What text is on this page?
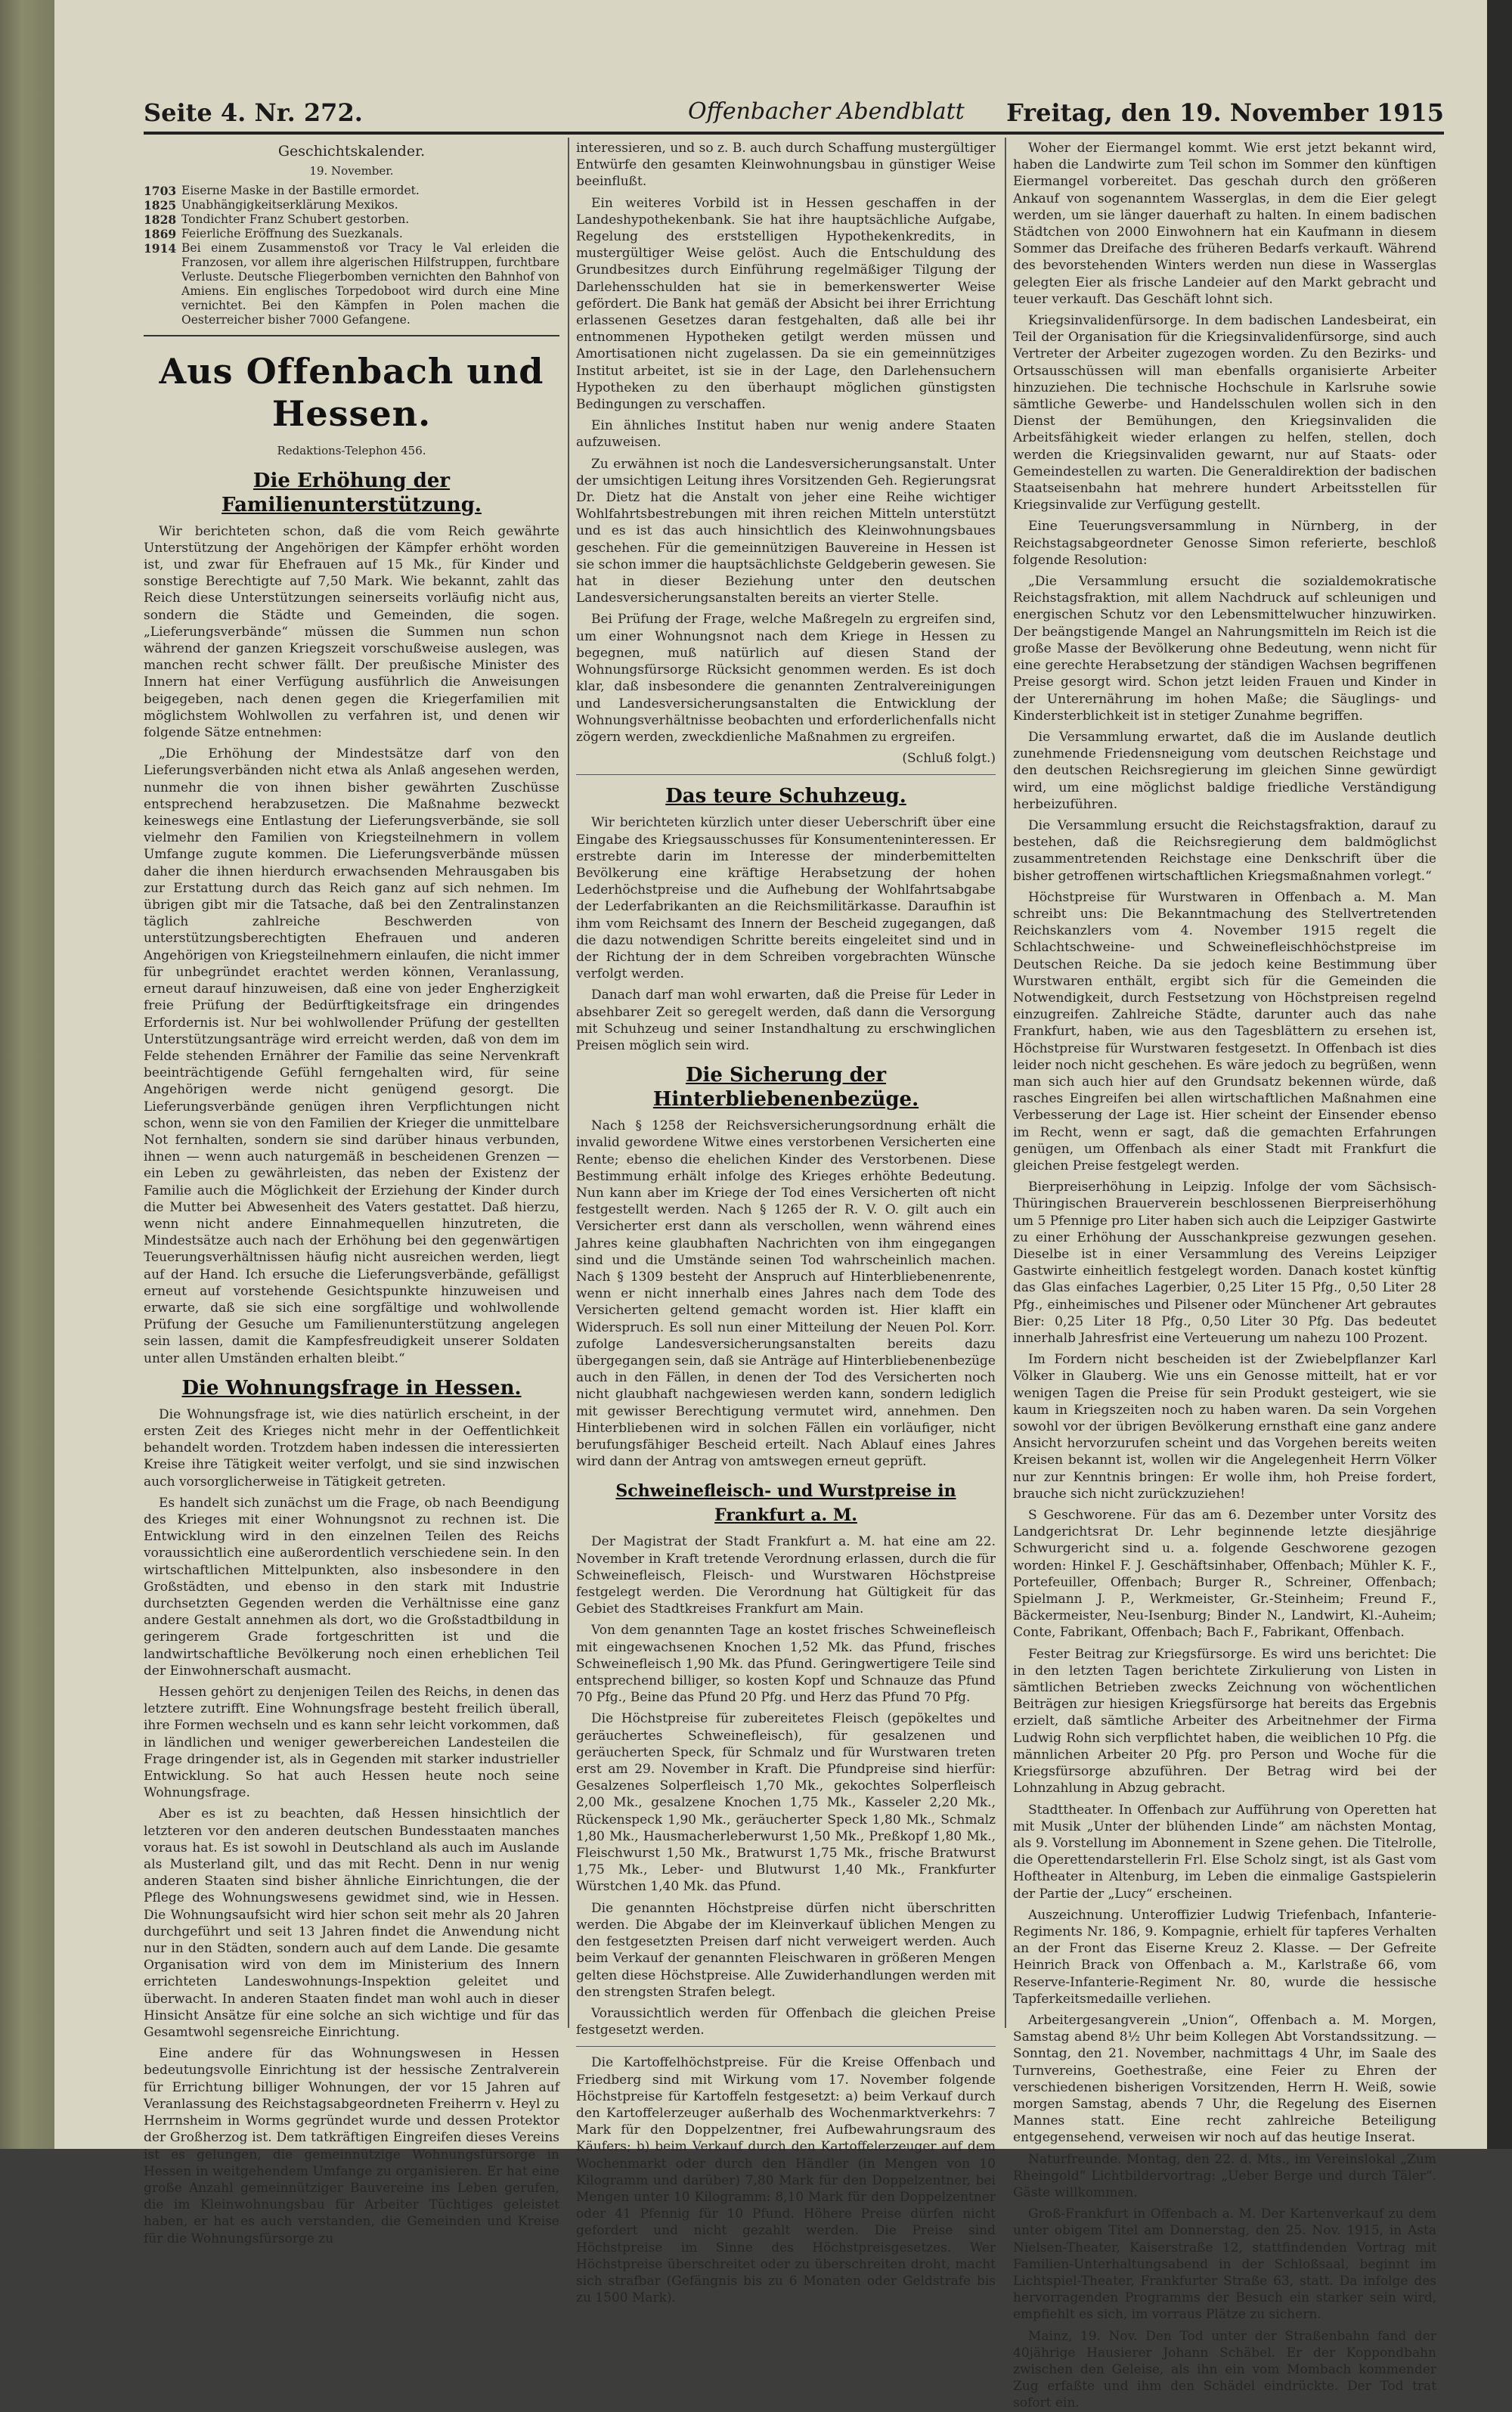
Seite 4. Nr. 272.	Offenbacher Abendblatt Freitag, den 19. November 1915
Geschichtskalender.
19. November.
1703 Eiserne Maske in der Bastille ermordet.
1825 Unabhängigkeitserklärung Mexikos.
1828 Tondichter Franz Schubert gestorben.
1869 Feierliche Eröffnung des Suezkanals.
1914 Bei einem Zusammenstoß vor Tracy le Val erleiden die Franzosen, vor allem ihre algerischen Hilfstruppen, furchtbare Verluste. Deutsche Fliegerbomben vernichten den Bahnhof von Amiens. Ein englisches Torpedoboot wird durch eine Mine vernichtet. Bei den Kämpfen in Polen machen die Oesterreicher bisher 7000 Gefangene.
Aus Offenbach und Hessen.
Redaktions-Telephon 456.
Die Erhöhung der Familienunterstützung.

Wir berichteten schon, daß die vom Reich gewährte Unterstützung der Angehörigen der Kämpfer erhöht worden ist, und zwar für Ehefrauen auf 15 Mk., für Kinder und sonstige Berechtigte auf 7,50 Mark. Wie bekannt, zahlt das Reich diese Unterstützungen seinerseits vorläufig nicht aus, sondern die Städte und Gemeinden, die sogen. „Lieferungsverbände“ müssen die Summen nun schon während der ganzen Kriegszeit vorschußweise auslegen, was manchen recht schwer fällt. Der preußische Minister des Innern hat einer Verfügung ausführlich die Anweisungen beigegeben, nach denen gegen die Kriegerfamilien mit möglichstem Wohlwollen zu verfahren ist, und denen wir folgende Sätze entnehmen:

„Die Erhöhung der Mindestsätze darf von den Lieferungsverbänden nicht etwa als Anlaß angesehen werden, nunmehr die von ihnen bisher gewährten Zuschüsse entsprechend herabzusetzen. Die Maßnahme bezweckt keineswegs eine Entlastung der Lieferungsverbände, sie soll vielmehr den Familien von Kriegsteilnehmern in vollem Umfange zugute kommen. Die Lieferungsverbände müssen daher die ihnen hierdurch erwachsenden Mehrausgaben bis zur Erstattung durch das Reich ganz auf sich nehmen. Im übrigen gibt mir die Tatsache, daß bei den Zentralinstanzen täglich zahlreiche Beschwerden von unterstützungsberechtigten Ehefrauen und anderen Angehörigen von Kriegsteilnehmern einlaufen, die nicht immer für unbegründet erachtet werden können, Veranlassung, erneut darauf hinzuweisen, daß eine von jeder Engherzigkeit freie Prüfung der Bedürftigkeitsfrage ein dringendes Erfordernis ist. Nur bei wohlwollender Prüfung der gestellten Unterstützungsanträge wird erreicht werden, daß von dem im Felde stehenden Ernährer der Familie das seine Nervenkraft beeinträchtigende Gefühl ferngehalten wird, für seine Angehörigen werde nicht genügend gesorgt. Die Lieferungsverbände genügen ihren Verpflichtungen nicht schon, wenn sie von den Familien der Krieger die unmittelbare Not fernhalten, sondern sie sind darüber hinaus verbunden, ihnen — wenn auch naturgemäß in bescheidenen Grenzen — ein Leben zu gewährleisten, das neben der Existenz der Familie auch die Möglichkeit der Erziehung der Kinder durch die Mutter bei Abwesenheit des Vaters gestattet. Daß hierzu, wenn nicht andere Einnahmequellen hinzutreten, die Mindestsätze auch nach der Erhöhung bei den gegenwärtigen Teuerungsverhältnissen häufig nicht ausreichen werden, liegt auf der Hand. Ich ersuche die Lieferungsverbände, gefälligst erneut auf vorstehende Gesichtspunkte hinzuweisen und erwarte, daß sie sich eine sorgfältige und wohlwollende Prüfung der Gesuche um Familienunterstützung angelegen sein lassen, damit die Kampfesfreudigkeit unserer Soldaten unter allen Umständen erhalten bleibt.“

Die Wohnungsfrage in Hessen.

Die Wohnungsfrage ist, wie dies natürlich erscheint, in der ersten Zeit des Krieges nicht mehr in der Oeffentlichkeit behandelt worden. Trotzdem haben indessen die interessierten Kreise ihre Tätigkeit weiter verfolgt, und sie sind inzwischen auch vorsorglicherweise in Tätigkeit getreten.

Es handelt sich zunächst um die Frage, ob nach Beendigung des Krieges mit einer Wohnungsnot zu rechnen ist. Die Entwicklung wird in den einzelnen Teilen des Reichs voraussichtlich eine außerordentlich verschiedene sein. In den wirtschaftlichen Mittelpunkten, also insbesondere in den Großstädten, und ebenso in den stark mit Industrie durchsetzten Gegenden werden die Verhältnisse eine ganz andere Gestalt annehmen als dort, wo die Großstadtbildung in geringerem Grade fortgeschritten ist und die landwirtschaftliche Bevölkerung noch einen erheblichen Teil der Einwohnerschaft ausmacht.

Hessen gehört zu denjenigen Teilen des Reichs, in denen das letztere zutrifft. Eine Wohnungsfrage besteht freilich überall, ihre Formen wechseln und es kann sehr leicht vorkommen, daß in ländlichen und weniger gewerbereichen Landesteilen die Frage dringender ist, als in Gegenden mit starker industrieller Entwicklung. So hat auch Hessen heute noch seine Wohnungsfrage.

Aber es ist zu beachten, daß Hessen hinsichtlich der letzteren vor den anderen deutschen Bundesstaaten manches voraus hat. Es ist sowohl in Deutschland als auch im Auslande als Musterland gilt, und das mit Recht. Denn in nur wenig anderen Staaten sind bisher ähnliche Einrichtungen, die der Pflege des Wohnungswesens gewidmet sind, wie in Hessen. Die Wohnungsaufsicht wird hier schon seit mehr als 20 Jahren durchgeführt und seit 13 Jahren findet die Anwendung nicht nur in den Städten, sondern auch auf dem Lande. Die gesamte Organisation wird von dem im Ministerium des Innern errichteten Landeswohnungs-Inspektion geleitet und überwacht. In anderen Staaten findet man wohl auch in dieser Hinsicht Ansätze für eine solche an sich wichtige und für das Gesamtwohl segensreiche Einrichtung.

Eine andere für das Wohnungswesen in Hessen bedeutungsvolle Einrichtung ist der hessische Zentralverein für Errichtung billiger Wohnungen, der vor 15 Jahren auf Veranlassung des Reichstagsabgeordneten Freiherrn v. Heyl zu Herrnsheim in Worms gegründet wurde und dessen Protektor der Großherzog ist. Dem tatkräftigen Eingreifen dieses Vereins ist es gelungen, die gemeinnützige Wohnungsfürsorge in Hessen in weitgehendem Umfange zu organisieren. Er hat eine große Anzahl gemeinnütziger Bauvereine ins Leben gerufen, die im Kleinwohnungsbau für Arbeiter Tüchtiges geleistet haben, er hat es auch verstanden, die Gemeinden und Kreise für die Wohnungsfürsorge zu

interessieren, und so z. B. auch durch Schaffung mustergültiger Entwürfe den gesamten Kleinwohnungsbau in günstiger Weise beeinflußt.

Ein weiteres Vorbild ist in Hessen geschaffen in der Landeshypothekenbank. Sie hat ihre hauptsächliche Aufgabe, Regelung des erststelligen Hypothekenkredits, in mustergültiger Weise gelöst. Auch die Entschuldung des Grundbesitzes durch Einführung regelmäßiger Tilgung der Darlehensschulden hat sie in bemerkenswerter Weise gefördert. Die Bank hat gemäß der Absicht bei ihrer Errichtung erlassenen Gesetzes daran festgehalten, daß alle bei ihr entnommenen Hypotheken getilgt werden müssen und Amortisationen nicht zugelassen. Da sie ein gemeinnütziges Institut arbeitet, ist sie in der Lage, den Darlehensuchern Hypotheken zu den überhaupt möglichen günstigsten Bedingungen zu verschaffen.

Ein ähnliches Institut haben nur wenig andere Staaten aufzuweisen.

Zu erwähnen ist noch die Landesversicherungsanstalt. Unter der umsichtigen Leitung ihres Vorsitzenden Geh. Regierungsrat Dr. Dietz hat die Anstalt von jeher eine Reihe wichtiger Wohlfahrtsbestrebungen mit ihren reichen Mitteln unterstützt und es ist das auch hinsichtlich des Kleinwohnungsbaues geschehen. Für die gemeinnützigen Bauvereine in Hessen ist sie schon immer die hauptsächlichste Geldgeberin gewesen. Sie hat in dieser Beziehung unter den deutschen Landesversicherungsanstalten bereits an vierter Stelle.

Bei Prüfung der Frage, welche Maßregeln zu ergreifen sind, um einer Wohnungsnot nach dem Kriege in Hessen zu begegnen, muß natürlich auf diesen Stand der Wohnungsfürsorge Rücksicht genommen werden. Es ist doch klar, daß insbesondere die genannten Zentralvereinigungen und Landesversicherungsanstalten die Entwicklung der Wohnungsverhältnisse beobachten und erforderlichenfalls nicht zögern werden, zweckdienliche Maßnahmen zu ergreifen.

(Schluß folgt.)
Das teure Schuhzeug.

Wir berichteten kürzlich unter dieser Ueberschrift über eine Eingabe des Kriegsausschusses für Konsumenteninteressen. Er erstrebte darin im Interesse der minderbemittelten Bevölkerung eine kräftige Herabsetzung der hohen Lederhöchstpreise und die Aufhebung der Wohlfahrtsabgabe der Lederfabrikanten an die Reichsmilitärkasse. Daraufhin ist ihm vom Reichsamt des Innern der Bescheid zugegangen, daß die dazu notwendigen Schritte bereits eingeleitet sind und in der Richtung der in dem Schreiben vorgebrachten Wünsche verfolgt werden.

Danach darf man wohl erwarten, daß die Preise für Leder in absehbarer Zeit so geregelt werden, daß dann die Versorgung mit Schuhzeug und seiner Instandhaltung zu erschwinglichen Preisen möglich sein wird.

Die Sicherung der Hinterbliebenenbezüge.

Nach § 1258 der Reichsversicherungsordnung erhält die invalid gewordene Witwe eines verstorbenen Versicherten eine Rente; ebenso die ehelichen Kinder des Verstorbenen. Diese Bestimmung erhält infolge des Krieges erhöhte Bedeutung. Nun kann aber im Kriege der Tod eines Versicherten oft nicht festgestellt werden. Nach § 1265 der R. V. O. gilt auch ein Versicherter erst dann als verschollen, wenn während eines Jahres keine glaubhaften Nachrichten von ihm eingegangen sind und die Umstände seinen Tod wahrscheinlich machen. Nach § 1309 besteht der Anspruch auf Hinterbliebenenrente, wenn er nicht innerhalb eines Jahres nach dem Tode des Versicherten geltend gemacht worden ist. Hier klafft ein Widerspruch. Es soll nun einer Mitteilung der Neuen Pol. Korr. zufolge Landesversicherungsanstalten bereits dazu übergegangen sein, daß sie Anträge auf Hinterbliebenenbezüge auch in den Fällen, in denen der Tod des Versicherten noch nicht glaubhaft nachgewiesen werden kann, sondern lediglich mit gewisser Berechtigung vermutet wird, annehmen. Den Hinterbliebenen wird in solchen Fällen ein vorläufiger, nicht berufungsfähiger Bescheid erteilt. Nach Ablauf eines Jahres wird dann der Antrag von amtswegen erneut geprüft.

Schweinefleisch- und Wurstpreise in Frankfurt a. M.

Der Magistrat der Stadt Frankfurt a. M. hat eine am 22. November in Kraft tretende Verordnung erlassen, durch die für Schweinefleisch, Fleisch- und Wurstwaren Höchstpreise festgelegt werden. Die Verordnung hat Gültigkeit für das Gebiet des Stadtkreises Frankfurt am Main.

Von dem genannten Tage an kostet frisches Schweinefleisch mit eingewachsenen Knochen 1,52 Mk. das Pfund, frisches Schweinefleisch 1,90 Mk. das Pfund. Geringwertigere Teile sind entsprechend billiger, so kosten Kopf und Schnauze das Pfund 70 Pfg., Beine das Pfund 20 Pfg. und Herz das Pfund 70 Pfg.

Die Höchstpreise für zubereitetes Fleisch (gepökeltes und geräuchertes Schweinefleisch), für gesalzenen und geräucherten Speck, für Schmalz und für Wurstwaren treten erst am 29. November in Kraft. Die Pfundpreise sind hierfür: Gesalzenes Solperfleisch 1,70 Mk., gekochtes Solperfleisch 2,00 Mk., gesalzene Knochen 1,75 Mk., Kasseler 2,20 Mk., Rückenspeck 1,90 Mk., geräucherter Speck 1,80 Mk., Schmalz 1,80 Mk., Hausmacherleberwurst 1,50 Mk., Preßkopf 1,80 Mk., Fleischwurst 1,50 Mk., Bratwurst 1,75 Mk., frische Bratwurst 1,75 Mk., Leber- und Blutwurst 1,40 Mk., Frankfurter Würstchen 1,40 Mk. das Pfund.

Die genannten Höchstpreise dürfen nicht überschritten werden. Die Abgabe der im Kleinverkauf üblichen Mengen zu den festgesetzten Preisen darf nicht verweigert werden. Auch beim Verkauf der genannten Fleischwaren in größeren Mengen gelten diese Höchstpreise. Alle Zuwiderhandlungen werden mit den strengsten Strafen belegt.

Voraussichtlich werden für Offenbach die gleichen Preise festgesetzt werden.

Die Kartoffelhöchstpreise. Für die Kreise Offenbach und Friedberg sind mit Wirkung vom 17. November folgende Höchstpreise für Kartoffeln festgesetzt: a) beim Verkauf durch den Kartoffelerzeuger außerhalb des Wochenmarktverkehrs: 7 Mark für den Doppelzentner, frei Aufbewahrungsraum des Käufers; b) beim Verkauf durch den Kartoffelerzeuger auf dem Wochenmarkt oder durch den Händler (in Mengen von 10 Kilogramm und darüber) 7,80 Mark für den Doppelzentner, bei Mengen unter 10 Kilogramm: 8,10 Mark für den Doppelzentner oder 41 Pfennig für 10 Pfund. Höhere Preise dürfen nicht gefordert und nicht gezahlt werden. Die Preise sind Höchstpreise im Sinne des Höchstpreisgesetzes. Wer Höchstpreise überschreitet oder zu überschreiten droht, macht sich strafbar (Gefängnis bis zu 6 Monaten oder Geldstrafe bis zu 1500 Mark).

Woher der Eiermangel kommt. Wie erst jetzt bekannt wird, haben die Landwirte zum Teil schon im Sommer den künftigen Eiermangel vorbereitet. Das geschah durch den größeren Ankauf von sogenanntem Wasserglas, in dem die Eier gelegt werden, um sie länger dauerhaft zu halten. In einem badischen Städtchen von 2000 Einwohnern hat ein Kaufmann in diesem Sommer das Dreifache des früheren Bedarfs verkauft. Während des bevorstehenden Winters werden nun diese in Wasserglas gelegten Eier als frische Landeier auf den Markt gebracht und teuer verkauft. Das Geschäft lohnt sich.

Kriegsinvalidenfürsorge. In dem badischen Landesbeirat, ein Teil der Organisation für die Kriegsinvalidenfürsorge, sind auch Vertreter der Arbeiter zugezogen worden. Zu den Bezirks- und Ortsausschüssen will man ebenfalls organisierte Arbeiter hinzuziehen. Die technische Hochschule in Karlsruhe sowie sämtliche Gewerbe- und Handelsschulen wollen sich in den Dienst der Bemühungen, den Kriegsinvaliden die Arbeitsfähigkeit wieder erlangen zu helfen, stellen, doch werden die Kriegsinvaliden gewarnt, nur auf Staats- oder Gemeindestellen zu warten. Die Generaldirektion der badischen Staatseisenbahn hat mehrere hundert Arbeitsstellen für Kriegsinvalide zur Verfügung gestellt.

Eine Teuerungsversammlung in Nürnberg, in der Reichstagsabgeordneter Genosse Simon referierte, beschloß folgende Resolution:

„Die Versammlung ersucht die sozialdemokratische Reichstagsfraktion, mit allem Nachdruck auf schleunigen und energischen Schutz vor den Lebensmittelwucher hinzuwirken. Der beängstigende Mangel an Nahrungsmitteln im Reich ist die große Masse der Bevölkerung ohne Bedeutung, wenn nicht für eine gerechte Herabsetzung der ständigen Wachsen begriffenen Preise gesorgt wird. Schon jetzt leiden Frauen und Kinder in der Unterernährung im hohen Maße; die Säuglings- und Kindersterblichkeit ist in stetiger Zunahme begriffen.

Die Versammlung erwartet, daß die im Auslande deutlich zunehmende Friedensneigung vom deutschen Reichstage und den deutschen Reichsregierung im gleichen Sinne gewürdigt wird, um eine möglichst baldige friedliche Verständigung herbeizuführen.

Die Versammlung ersucht die Reichstagsfraktion, darauf zu bestehen, daß die Reichsregierung dem baldmöglichst zusammentretenden Reichstage eine Denkschrift über die bisher getroffenen wirtschaftlichen Kriegsmaßnahmen vorlegt.“

Höchstpreise für Wurstwaren in Offenbach a. M. Man schreibt uns: Die Bekanntmachung des Stellvertretenden Reichskanzlers vom 4. November 1915 regelt die Schlachtschweine- und Schweinefleischhöchstpreise im Deutschen Reiche. Da sie jedoch keine Bestimmung über Wurstwaren enthält, ergibt sich für die Gemeinden die Notwendigkeit, durch Festsetzung von Höchstpreisen regelnd einzugreifen. Zahlreiche Städte, darunter auch das nahe Frankfurt, haben, wie aus den Tagesblättern zu ersehen ist, Höchstpreise für Wurstwaren festgesetzt. In Offenbach ist dies leider noch nicht geschehen. Es wäre jedoch zu begrüßen, wenn man sich auch hier auf den Grundsatz bekennen würde, daß rasches Eingreifen bei allen wirtschaftlichen Maßnahmen eine Verbesserung der Lage ist. Hier scheint der Einsender ebenso im Recht, wenn er sagt, daß die gemachten Erfahrungen genügen, um Offenbach als einer Stadt mit Frankfurt die gleichen Preise festgelegt werden.

Bierpreiserhöhung in Leipzig. Infolge der vom Sächsisch-Thüringischen Brauerverein beschlossenen Bierpreiserhöhung um 5 Pfennige pro Liter haben sich auch die Leipziger Gastwirte zu einer Erhöhung der Ausschankpreise gezwungen gesehen. Dieselbe ist in einer Versammlung des Vereins Leipziger Gastwirte einheitlich festgelegt worden. Danach kostet künftig das Glas einfaches Lagerbier, 0,25 Liter 15 Pfg., 0,50 Liter 28 Pfg., einheimisches und Pilsener oder Münchener Art gebrautes Bier: 0,25 Liter 18 Pfg., 0,50 Liter 30 Pfg. Das bedeutet innerhalb Jahresfrist eine Verteuerung um nahezu 100 Prozent.

Im Fordern nicht bescheiden ist der Zwiebelpflanzer Karl Völker in Glauberg. Wie uns ein Genosse mitteilt, hat er vor wenigen Tagen die Preise für sein Produkt gesteigert, wie sie kaum in Kriegszeiten noch zu haben waren. Da sein Vorgehen sowohl vor der übrigen Bevölkerung ernsthaft eine ganz andere Ansicht hervorzurufen scheint und das Vorgehen bereits weiten Kreisen bekannt ist, wollen wir die Angelegenheit Herrn Völker nur zur Kenntnis bringen: Er wolle ihm, hoh Preise fordert, brauche sich nicht zurückzuziehen!

S Geschworene. Für das am 6. Dezember unter Vorsitz des Landgerichtsrat Dr. Lehr beginnende letzte diesjährige Schwurgericht sind u. a. folgende Geschworene gezogen worden: Hinkel F. J. Geschäftsinhaber, Offenbach; Mühler K. F., Portefeuiller, Offenbach; Burger R., Schreiner, Offenbach; Spielmann J. P., Werkmeister, Gr.-Steinheim; Freund F., Bäckermeister, Neu-Isenburg; Binder N., Landwirt, Kl.-Auheim; Conte, Fabrikant, Offenbach; Bach F., Fabrikant, Offenbach.

Fester Beitrag zur Kriegsfürsorge. Es wird uns berichtet: Die in den letzten Tagen berichtete Zirkulierung von Listen in sämtlichen Betrieben zwecks Zeichnung von wöchentlichen Beiträgen zur hiesigen Kriegsfürsorge hat bereits das Ergebnis erzielt, daß sämtliche Arbeiter des Arbeitnehmer der Firma Ludwig Rohn sich verpflichtet haben, die weiblichen 10 Pfg. die männlichen Arbeiter 20 Pfg. pro Person und Woche für die Kriegsfürsorge abzuführen. Der Betrag wird bei der Lohnzahlung in Abzug gebracht.

Stadttheater. In Offenbach zur Aufführung von Operetten hat mit Musik „Unter der blühenden Linde“ am nächsten Montag, als 9. Vorstellung im Abonnement in Szene gehen. Die Titelrolle, die Operettendarstellerin Frl. Else Scholz singt, ist als Gast vom Hoftheater in Altenburg, im Leben die einmalige Gastspielerin der Partie der „Lucy“ erscheinen.

Auszeichnung. Unteroffizier Ludwig Triefenbach, Infanterie-Regiments Nr. 186, 9. Kompagnie, erhielt für tapferes Verhalten an der Front das Eiserne Kreuz 2. Klasse. — Der Gefreite Heinrich Brack von Offenbach a. M., Karlstraße 66, vom Reserve-Infanterie-Regiment Nr. 80, wurde die hessische Tapferkeitsmedaille verliehen.

Arbeitergesangverein „Union“, Offenbach a. M. Morgen, Samstag abend 8½ Uhr beim Kollegen Abt Vorstandssitzung. — Sonntag, den 21. November, nachmittags 4 Uhr, im Saale des Turnvereins, Goethestraße, eine Feier zu Ehren der verschiedenen bisherigen Vorsitzenden, Herrn H. Weiß, sowie morgen Samstag, abends 7 Uhr, die Regelung des Eisernen Mannes statt. Eine recht zahlreiche Beteiligung entgegensehend, verweisen wir noch auf das heutige Inserat.

Naturfreunde. Montag, den 22. d. Mts., im Vereinslokal „Zum Rheingold“ Lichtbildervortrag: „Ueber Berge und durch Täler“. Gäste willkommen.

Groß-Frankfurt in Offenbach a. M. Der Kartenverkauf zu dem unter obigem Titel am Donnerstag, den 25. Nov. 1915, in Asta Nielsen-Theater, Kaiserstraße 12, stattfindenden Vortrag mit Familien-Unterhaltungsabend in der Schloßsaal, beginnt im Lichtspiel-Theater, Frankfurter Straße 63, statt. Da infolge des hervorragenden Programms der Besuch ein starker sein wird, empfiehlt es sich, im vorraus Plätze zu sichern.

Mainz, 19. Nov. Den Tod unter der Straßenbahn fand der 40jährige Hausierer Johann Schäbel. Er der Koppondbahn zwischen den Geleise, als ihn ein vom Mombach kommender Zug erfaßte und ihm den Schädel eindrückte. Der Tod trat sofort ein.
